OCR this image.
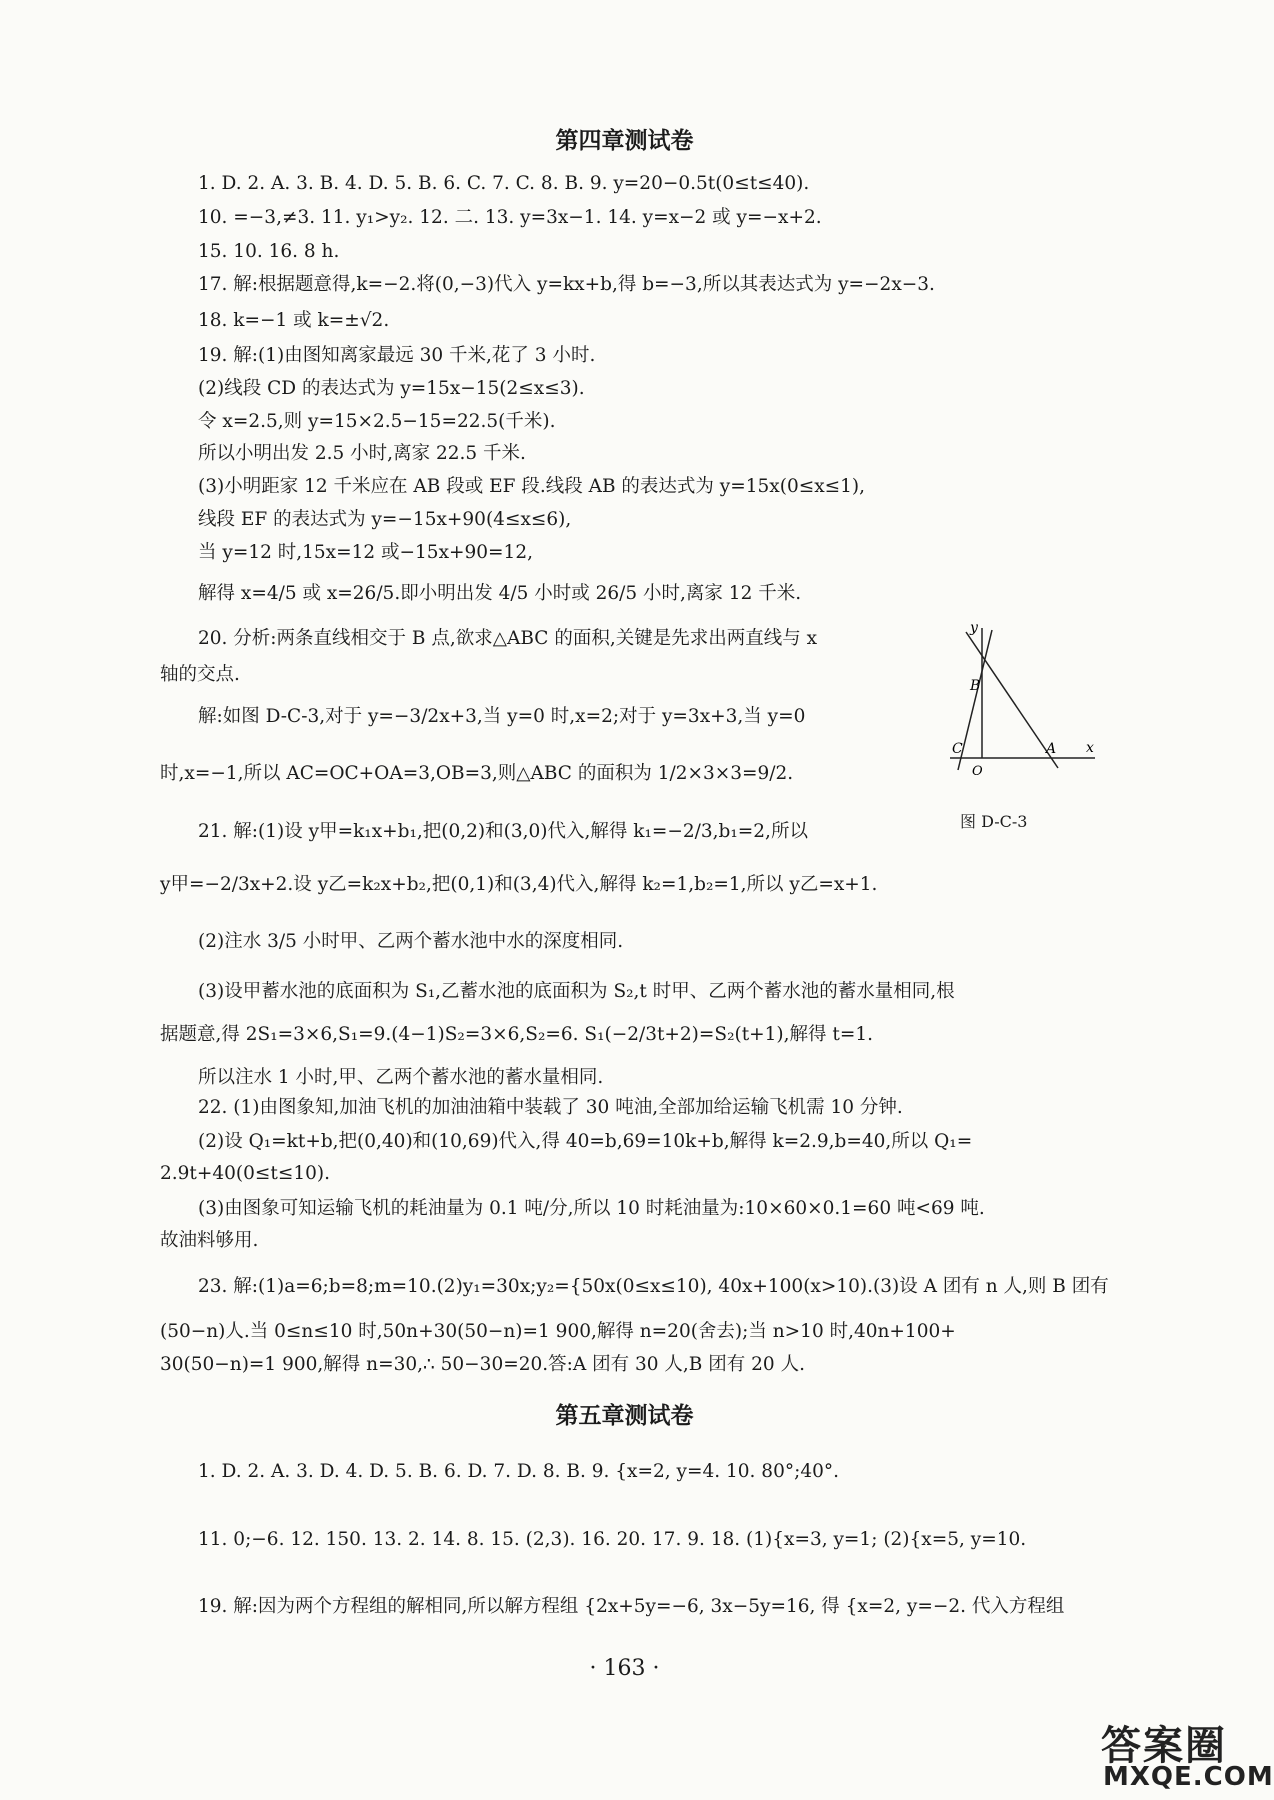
第四章测试卷
1. D. 2. A. 3. B. 4. D. 5. B. 6. C. 7. C. 8. B. 9. y=20−0.5t(0≤t≤40).
10. =−3,≠3. 11. y₁>y₂. 12. 二. 13. y=3x−1. 14. y=x−2 或 y=−x+2.
15. 10. 16. 8 h.
17. 解:根据题意得,k=−2.将(0,−3)代入 y=kx+b,得 b=−3,所以其表达式为 y=−2x−3.
18. k=−1 或 k=±√2.
19. 解:(1)由图知离家最远 30 千米,花了 3 小时.
(2)线段 CD 的表达式为 y=15x−15(2≤x≤3).
令 x=2.5,则 y=15×2.5−15=22.5(千米).
所以小明出发 2.5 小时,离家 22.5 千米.
(3)小明距家 12 千米应在 AB 段或 EF 段.线段 AB 的表达式为 y=15x(0≤x≤1),
线段 EF 的表达式为 y=−15x+90(4≤x≤6),
当 y=12 时,15x=12 或−15x+90=12,
解得 x=4/5 或 x=26/5.即小明出发 4/5 小时或 26/5 小时,离家 12 千米.
20. 分析:两条直线相交于 B 点,欲求△ABC 的面积,关键是先求出两直线与 x
轴的交点.
解:如图 D-C-3,对于 y=−3/2x+3,当 y=0 时,x=2;对于 y=3x+3,当 y=0
时,x=−1,所以 AC=OC+OA=3,OB=3,则△ABC 的面积为 1/2×3×3=9/2.
21. 解:(1)设 y甲=k₁x+b₁,把(0,2)和(3,0)代入,解得 k₁=−2/3,b₁=2,所以
y甲=−2/3x+2.设 y乙=k₂x+b₂,把(0,1)和(3,4)代入,解得 k₂=1,b₂=1,所以 y乙=x+1.
(2)注水 3/5 小时甲、乙两个蓄水池中水的深度相同.
(3)设甲蓄水池的底面积为 S₁,乙蓄水池的底面积为 S₂,t 时甲、乙两个蓄水池的蓄水量相同,根
据题意,得 2S₁=3×6,S₁=9.(4−1)S₂=3×6,S₂=6. S₁(−2/3t+2)=S₂(t+1),解得 t=1.
所以注水 1 小时,甲、乙两个蓄水池的蓄水量相同.
22. (1)由图象知,加油飞机的加油油箱中装载了 30 吨油,全部加给运输飞机需 10 分钟.
(2)设 Q₁=kt+b,把(0,40)和(10,69)代入,得 40=b,69=10k+b,解得 k=2.9,b=40,所以 Q₁=
2.9t+40(0≤t≤10).
(3)由图象可知运输飞机的耗油量为 0.1 吨/分,所以 10 时耗油量为:10×60×0.1=60 吨<69 吨.
故油料够用.
23. 解:(1)a=6;b=8;m=10.(2)y₁=30x;y₂={50x(0≤x≤10), 40x+100(x>10).(3)设 A 团有 n 人,则 B 团有
(50−n)人.当 0≤n≤10 时,50n+30(50−n)=1 900,解得 n=20(舍去);当 n>10 时,40n+100+
30(50−n)=1 900,解得 n=30,∴ 50−30=20.答:A 团有 30 人,B 团有 20 人.
y
x
B
C
O
A
图 D-C-3
第五章测试卷
1. D. 2. A. 3. D. 4. D. 5. B. 6. D. 7. D. 8. B. 9. {x=2, y=4. 10. 80°;40°.
11. 0;−6. 12. 150. 13. 2. 14. 8. 15. (2,3). 16. 20. 17. 9. 18. (1){x=3, y=1; (2){x=5, y=10.
19. 解:因为两个方程组的解相同,所以解方程组 {2x+5y=−6, 3x−5y=16, 得 {x=2, y=−2. 代入方程组
· 163 ·
答案圈
MXQE.COM
